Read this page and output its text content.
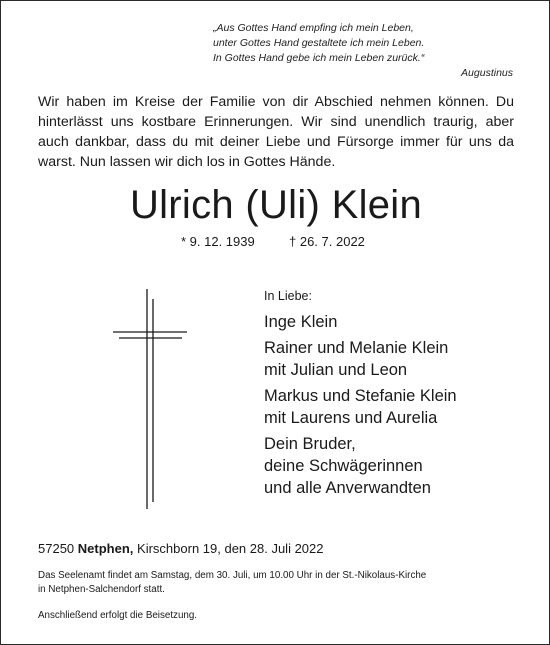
„Aus Gottes Hand empfing ich mein Leben,
unter Gottes Hand gestaltete ich mein Leben.
In Gottes Hand gebe ich mein Leben zurück.“
Augustinus
Wir haben im Kreise der Familie von dir Abschied nehmen können. Du hinterlässt uns kostbare Erinnerungen. Wir sind unendlich traurig, aber auch dankbar, dass du mit deiner Liebe und Fürsorge immer für uns da warst. Nun lassen wir dich los in Gottes Hände.
Ulrich (Uli) Klein
* 9. 12. 1939	† 26. 7. 2022
In Liebe:
Inge Klein
Rainer und Melanie Klein
mit Julian und Leon
Markus und Stefanie Klein
mit Laurens und Aurelia
Dein Bruder,
deine Schwägerinnen
und alle Anverwandten
57250 Netphen, Kirschborn 19, den 28. Juli 2022
Das Seelenamt findet am Samstag, dem 30. Juli, um 10.00 Uhr in der St.-Nikolaus-Kirche
in Netphen-Salchendorf statt.
Anschließend erfolgt die Beisetzung.
